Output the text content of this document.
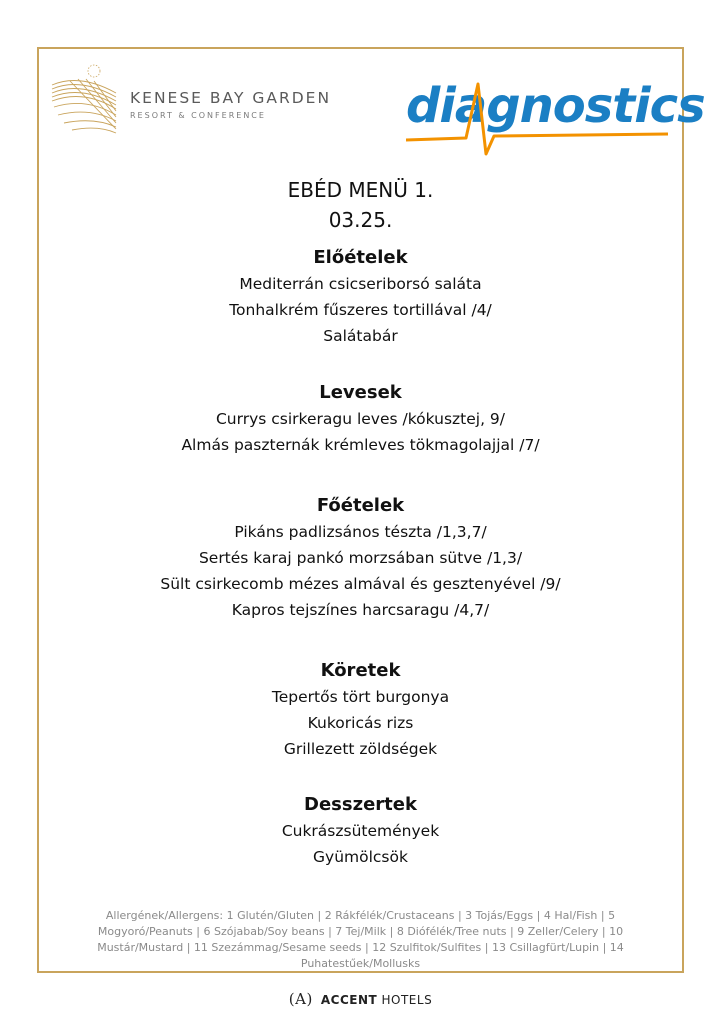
KENESE BAY GARDEN
RESORT & CONFERENCE	diagnostics
EBÉD MENÜ 1.
03.25.
Előételek
Mediterrán csicseriborsó saláta
Tonhalkrém fűszeres tortillával /4/
Salátabár
Levesek
Currys csirkeragu leves /kókusztej, 9/
Almás paszternák krémleves tökmagolajjal /7/
Főételek
Pikáns padlizsános tészta /1,3,7/
Sertés karaj pankó morzsában sütve /1,3/
Sült csirkecomb mézes almával és gesztenyével /9/
Kapros tejszínes harcsaragu /4,7/
Köretek
Tepertős tört burgonya
Kukoricás rizs
Grillezett zöldségek
Desszertek
Cukrászsütemények
Gyümölcsök
Allergének/Allergens: 1 Glutén/Gluten | 2 Rákfélék/Crustaceans | 3 Tojás/Eggs | 4 Hal/Fish | 5 Mogyoró/Peanuts | 6 Szójabab/Soy beans | 7 Tej/Milk | 8 Diófélék/Tree nuts | 9 Zeller/Celery | 10 Mustár/Mustard | 11 Szezámmag/Sesame seeds | 12 Szulfitok/Sulfites | 13 Csillagfürt/Lupin | 14 Puhatestűek/Mollusks
(A) ACCENT HOTELS
